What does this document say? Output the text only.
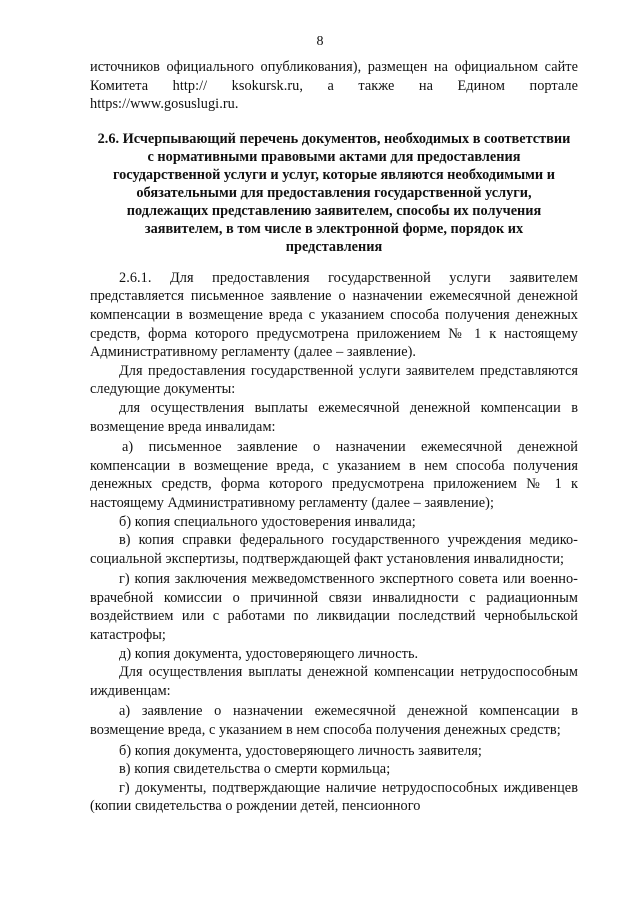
8

источников официального опубликования), размещен на официальном сайте Комитета http:// ksokursk.ru, а также на Едином портале https://www.gosuslugi.ru.

2.6. Исчерпывающий перечень документов, необходимых в соответствии с нормативными правовыми актами для предоставления государственной услуги и услуг, которые являются необходимыми и обязательными для предоставления государственной услуги, подлежащих представлению заявителем, способы их получения заявителем, в том числе в электронной форме, порядок их представления

2.6.1. Для предоставления государственной услуги заявителем представляется письменное заявление о назначении ежемесячной денежной компенсации в возмещение вреда с указанием способа получения денежных средств, форма которого предусмотрена приложением № 1 к настоящему Административному регламенту (далее – заявление).

Для предоставления государственной услуги заявителем представляются следующие документы:

для осуществления выплаты ежемесячной денежной компенсации в возмещение вреда инвалидам:

а) письменное заявление о назначении ежемесячной денежной компенсации в возмещение вреда, с указанием в нем способа получения денежных средств, форма которого предусмотрена приложением № 1 к настоящему Административному регламенту (далее – заявление);

б) копия специального удостоверения инвалида;

в) копия справки федерального государственного учреждения медико-социальной экспертизы, подтверждающей факт установления инвалидности;

г) копия заключения межведомственного экспертного совета или военно-врачебной комиссии о причинной связи инвалидности с радиационным воздействием или с работами по ликвидации последствий чернобыльской катастрофы;

д) копия документа, удостоверяющего личность.

Для осуществления выплаты денежной компенсации нетрудоспособным иждивенцам:

а) заявление о назначении ежемесячной денежной компенсации в возмещение вреда, с указанием в нем способа получения денежных средств;

б) копия документа, удостоверяющего личность заявителя;

в) копия свидетельства о смерти кормильца;

г) документы, подтверждающие наличие нетрудоспособных иждивенцев (копии свидетельства о рождении детей, пенсионного
